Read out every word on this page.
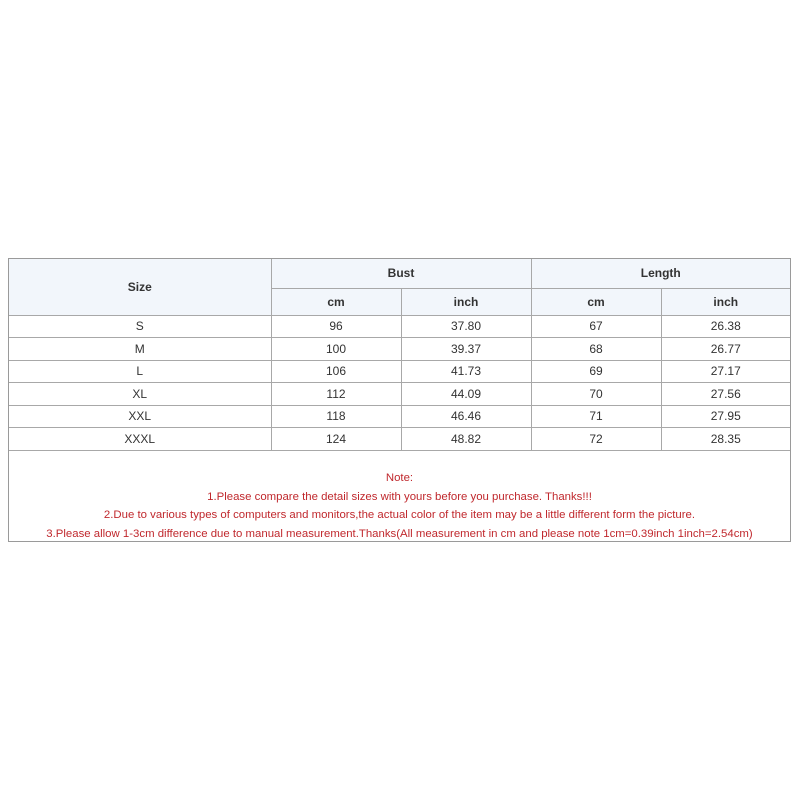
Size	Bust		Length	
	cm	inch	cm	inch
S	96	37.80	67	26.38
M	100	39.37	68	26.77
L	106	41.73	69	27.17
XL	112	44.09	70	27.56
XXL	118	46.46	71	27.95
XXXL	124	48.82	72	28.35
Note:
1.Please compare the detail sizes with yours before you purchase. Thanks!!!
2.Due to various types of computers and monitors,the actual color of the item may be a little different form the picture.
3.Please allow 1-3cm difference due to manual measurement.Thanks(All measurement in cm and please note 1cm=0.39inch 1inch=2.54cm)
